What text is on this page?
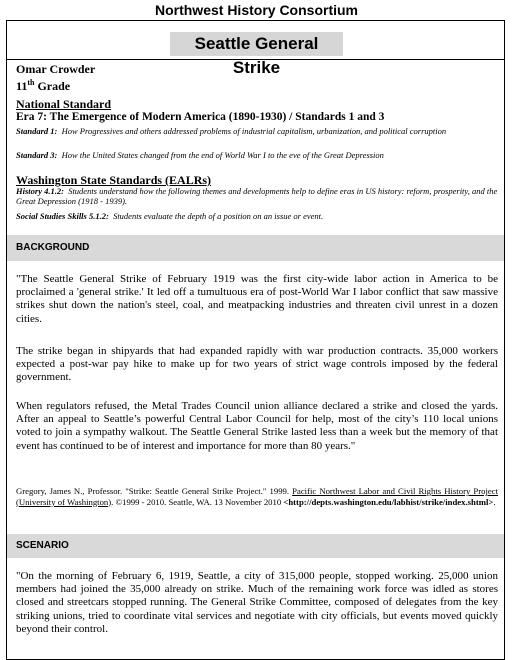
Northwest History Consortium
Seattle General Strike
Omar Crowder
11th Grade
National Standard
Era 7: The Emergence of Modern America (1890-1930) / Standards 1 and 3
Standard 1: How Progressives and others addressed problems of industrial capitalism, urbanization, and political corruption
Standard 3: How the United States changed from the end of World War I to the eve of the Great Depression
Washington State Standards (EALRs)
History 4.1.2: Students understand how the following themes and developments help to define eras in US history: reform, prosperity, and the Great Depression (1918 - 1939).
Social Studies Skills 5.1.2: Students evaluate the depth of a position on an issue or event.
BACKGROUND
"The Seattle General Strike of February 1919 was the first city-wide labor action in America to be proclaimed a 'general strike.' It led off a tumultuous era of post-World War I labor conflict that saw massive strikes shut down the nation's steel, coal, and meatpacking industries and threaten civil unrest in a dozen cities.
The strike began in shipyards that had expanded rapidly with war production contracts. 35,000 workers expected a post-war pay hike to make up for two years of strict wage controls imposed by the federal government.
When regulators refused, the Metal Trades Council union alliance declared a strike and closed the yards. After an appeal to Seattle’s powerful Central Labor Council for help, most of the city’s 110 local unions voted to join a sympathy walkout. The Seattle General Strike lasted less than a week but the memory of that event has continued to be of interest and importance for more than 80 years."
Gregory, James N., Professor. "Strike: Seattle General Strike Project." 1999. Pacific Northwest Labor and Civil Rights History Project (University of Washington). ©1999 - 2010. Seattle, WA. 13 November 2010 <http://depts.washington.edu/labhist/strike/index.shtml>.
SCENARIO
"On the morning of February 6, 1919, Seattle, a city of 315,000 people, stopped working. 25,000 union members had joined the 35,000 already on strike. Much of the remaining work force was idled as stores closed and streetcars stopped running. The General Strike Committee, composed of delegates from the key striking unions, tried to coordinate vital services and negotiate with city officials, but events moved quickly beyond their control.
